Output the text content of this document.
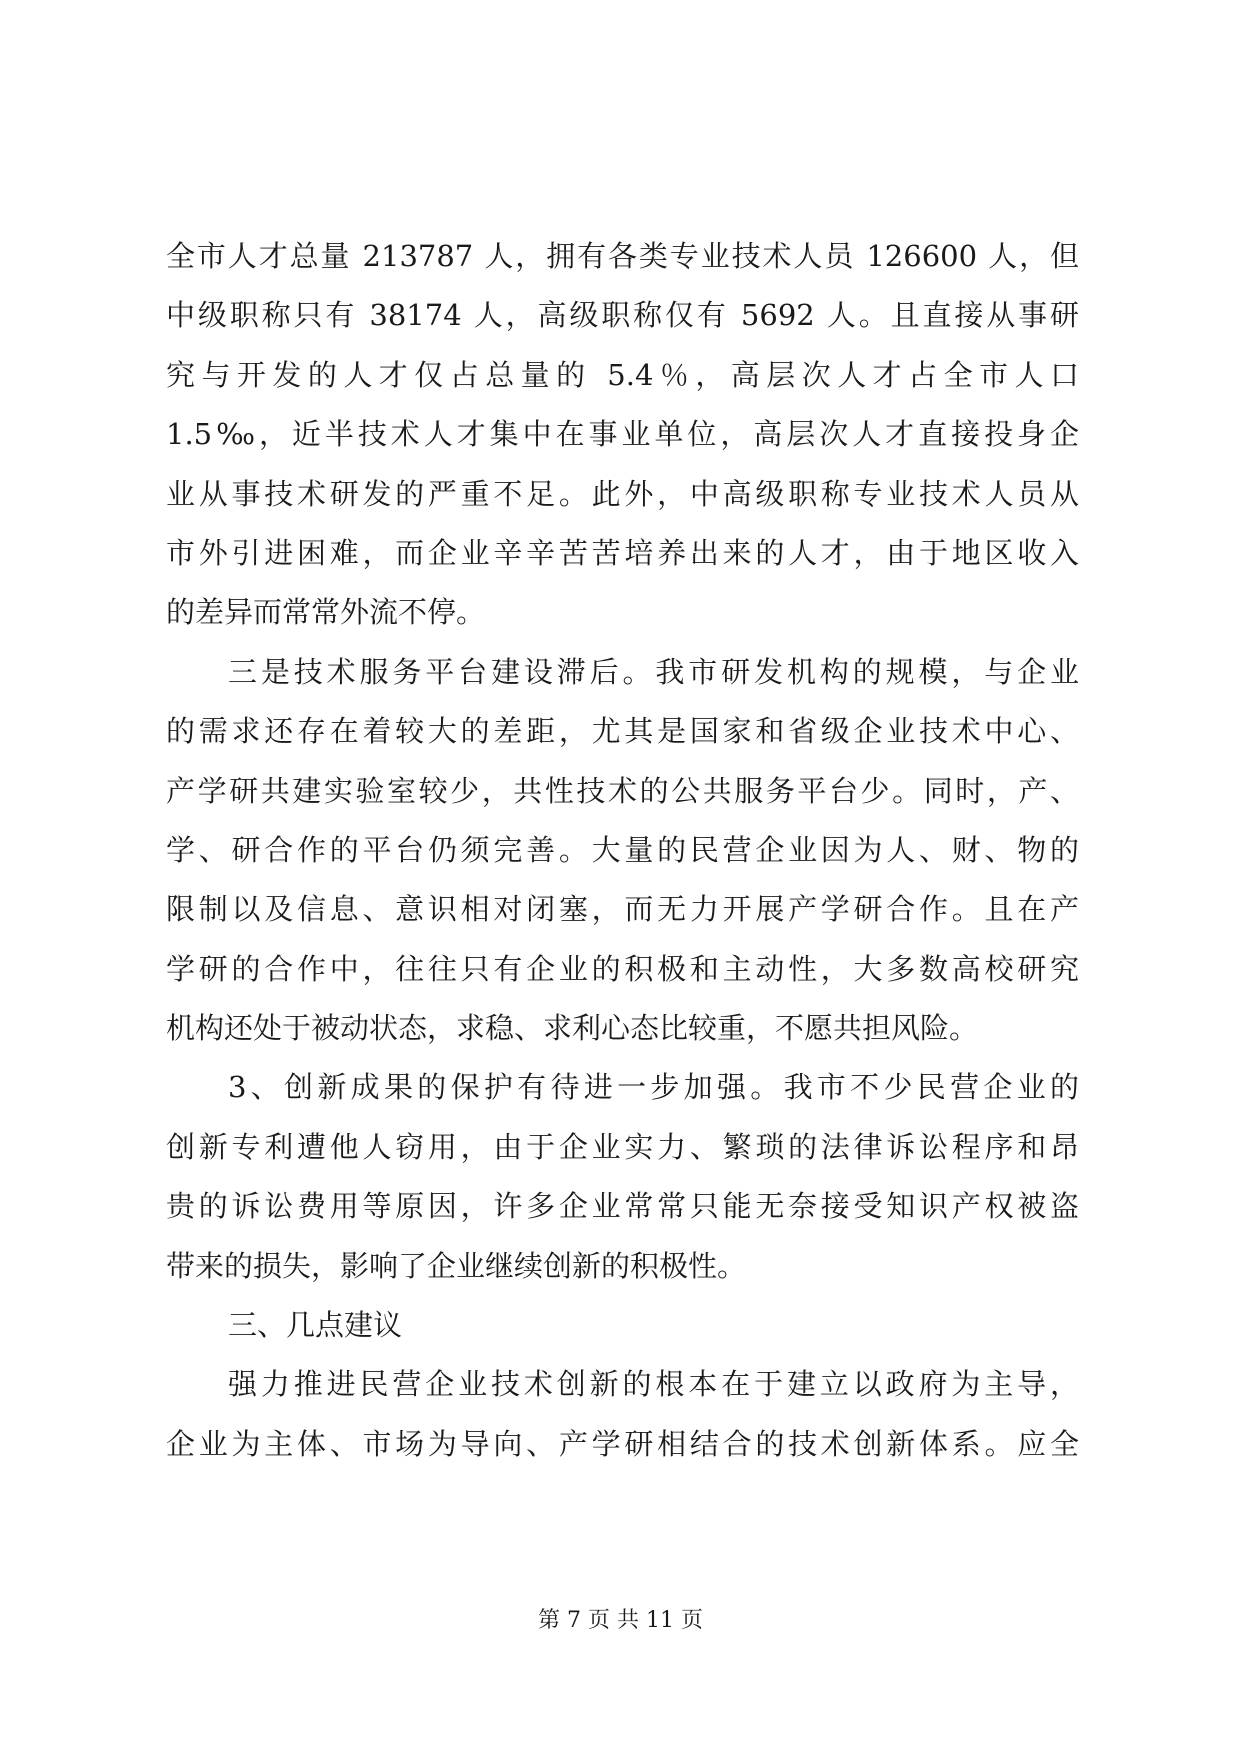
全市人才总量 213787 人，拥有各类专业技术人员 126600 人，但
中级职称只有 38174 人，高级职称仅有 5692 人。且直接从事研
究与开发的人才仅占总量的 5.4％，高层次人才占全市人口
1.5‰，近半技术人才集中在事业单位，高层次人才直接投身企
业从事技术研发的严重不足。此外，中高级职称专业技术人员从
市外引进困难，而企业辛辛苦苦培养出来的人才，由于地区收入
的差异而常常外流不停。
三是技术服务平台建设滞后。我市研发机构的规模，与企业
的需求还存在着较大的差距，尤其是国家和省级企业技术中心、
产学研共建实验室较少，共性技术的公共服务平台少。同时，产、
学、研合作的平台仍须完善。大量的民营企业因为人、财、物的
限制以及信息、意识相对闭塞，而无力开展产学研合作。且在产
学研的合作中，往往只有企业的积极和主动性，大多数高校研究
机构还处于被动状态，求稳、求利心态比较重，不愿共担风险。
3、创新成果的保护有待进一步加强。我市不少民营企业的
创新专利遭他人窃用，由于企业实力、繁琐的法律诉讼程序和昂
贵的诉讼费用等原因，许多企业常常只能无奈接受知识产权被盗
带来的损失，影响了企业继续创新的积极性。
三、几点建议
强力推进民营企业技术创新的根本在于建立以政府为主导，
企业为主体、市场为导向、产学研相结合的技术创新体系。应全
第 7 页 共 11 页
